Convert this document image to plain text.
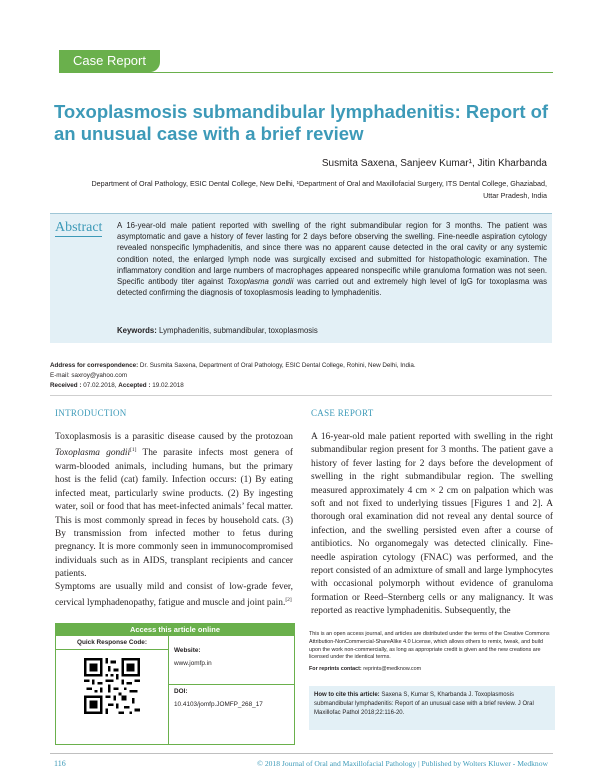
Case Report
Toxoplasmosis submandibular lymphadenitis: Report of an unusual case with a brief review
Susmita Saxena, Sanjeev Kumar¹, Jitin Kharbanda
Department of Oral Pathology, ESIC Dental College, New Delhi, ¹Department of Oral and Maxillofacial Surgery, ITS Dental College, Ghaziabad, Uttar Pradesh, India
Abstract A 16-year-old male patient reported with swelling of the right submandibular region for 3 months. The patient was asymptomatic and gave a history of fever lasting for 2 days before observing the swelling. Fine-needle aspiration cytology revealed nonspecific lymphadenitis, and since there was no apparent cause detected in the oral cavity or any systemic condition noted, the enlarged lymph node was surgically excised and submitted for histopathologic examination. The inflammatory condition and large numbers of macrophages appeared nonspecific while granuloma formation was not seen. Specific antibody titer against Toxoplasma gondii was carried out and extremely high level of IgG for toxoplasma was detected confirming the diagnosis of toxoplasmosis leading to lymphadenitis.
Keywords: Lymphadenitis, submandibular, toxoplasmosis
Address for correspondence: Dr. Susmita Saxena, Department of Oral Pathology, ESIC Dental College, Rohini, New Delhi, India.
E-mail: saxroy@yahoo.com
Received : 07.02.2018, Accepted : 19.02.2018
INTRODUCTION
Toxoplasmosis is a parasitic disease caused by the protozoan Toxoplasma gondii[1] The parasite infects most genera of warm-blooded animals, including humans, but the primary host is the felid (cat) family. Infection occurs: (1) By eating infected meat, particularly swine products. (2) By ingesting water, soil or food that has meet-infected animals’ fecal matter. This is most commonly spread in feces by household cats. (3) By transmission from infected mother to fetus during pregnancy. It is more commonly seen in immunocompromised individuals such as in AIDS, transplant recipients and cancer patients.
Symptoms are usually mild and consist of low-grade fever, cervical lymphadenopathy, fatigue and muscle and joint pain.[2]
CASE REPORT
A 16-year-old male patient reported with swelling in the right submandibular region present for 3 months. The patient gave a history of fever lasting for 2 days before the development of swelling in the right submandibular region. The swelling measured approximately 4 cm × 2 cm on palpation which was soft and not fixed to underlying tissues [Figures 1 and 2]. A thorough oral examination did not reveal any dental source of infection, and the swelling persisted even after a course of antibiotics. No organomegaly was detected clinically. Fine-needle aspiration cytology (FNAC) was performed, and the report consisted of an admixture of small and large lymphocytes with occasional polymorph without evidence of granuloma formation or Reed–Sternberg cells or any malignancy. It was reported as reactive lymphadenitis. Subsequently, the
Access this article online
Quick Response Code:
Website:
www.jomfp.in
DOI:
10.4103/jomfp.JOMFP_268_17
This is an open access journal, and articles are distributed under the terms of the Creative Commons Attribution-NonCommercial-ShareAlike 4.0 License, which allows others to remix, tweak, and build upon the work non-commercially, as long as appropriate credit is given and the new creations are licensed under the identical terms.
For reprints contact: reprints@medknow.com
How to cite this article: Saxena S, Kumar S, Kharbanda J. Toxoplasmosis submandibular lymphadenitis: Report of an unusual case with a brief review. J Oral Maxillofac Pathol 2018;22:116-20.
116	© 2018 Journal of Oral and Maxillofacial Pathology | Published by Wolters Kluwer - Medknow
